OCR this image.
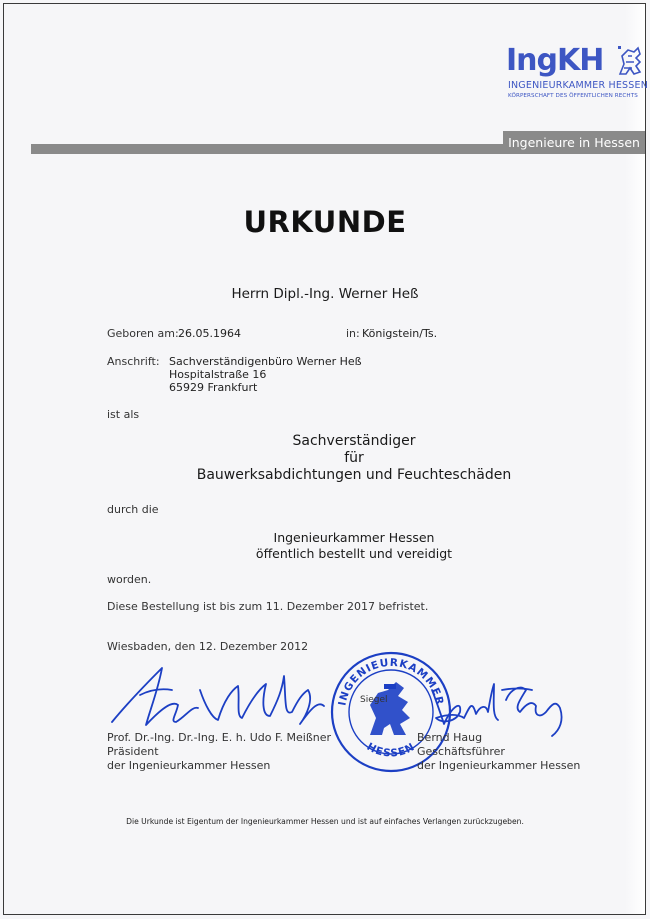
IngKH
INGENIEURKAMMER HESSEN
KÖRPERSCHAFT DES ÖFFENTLICHEN RECHTS
Ingenieure in Hessen
URKUNDE
Herrn Dipl.-Ing. Werner Heß
Geboren am: 26.05.1964	in: Königstein/Ts.
Anschrift: Sachverständigenbüro Werner Heß
Hospitalstraße 16
65929 Frankfurt
ist als
Sachverständiger
für
Bauwerksabdichtungen und Feuchteschäden
durch die
Ingenieurkammer Hessen
öffentlich bestellt und vereidigt
worden.
Diese Bestellung ist bis zum 11. Dezember 2017 befristet.
Wiesbaden, den 12. Dezember 2012
INGENIEURKAMMER
HESSEN
Siegel
Prof. Dr.-Ing. Dr.-Ing. E. h. Udo F. Meißner
Präsident
der Ingenieurkammer Hessen
Bernd Haug
Geschäftsführer
der Ingenieurkammer Hessen
Die Urkunde ist Eigentum der Ingenieurkammer Hessen und ist auf einfaches Verlangen zurückzugeben.
